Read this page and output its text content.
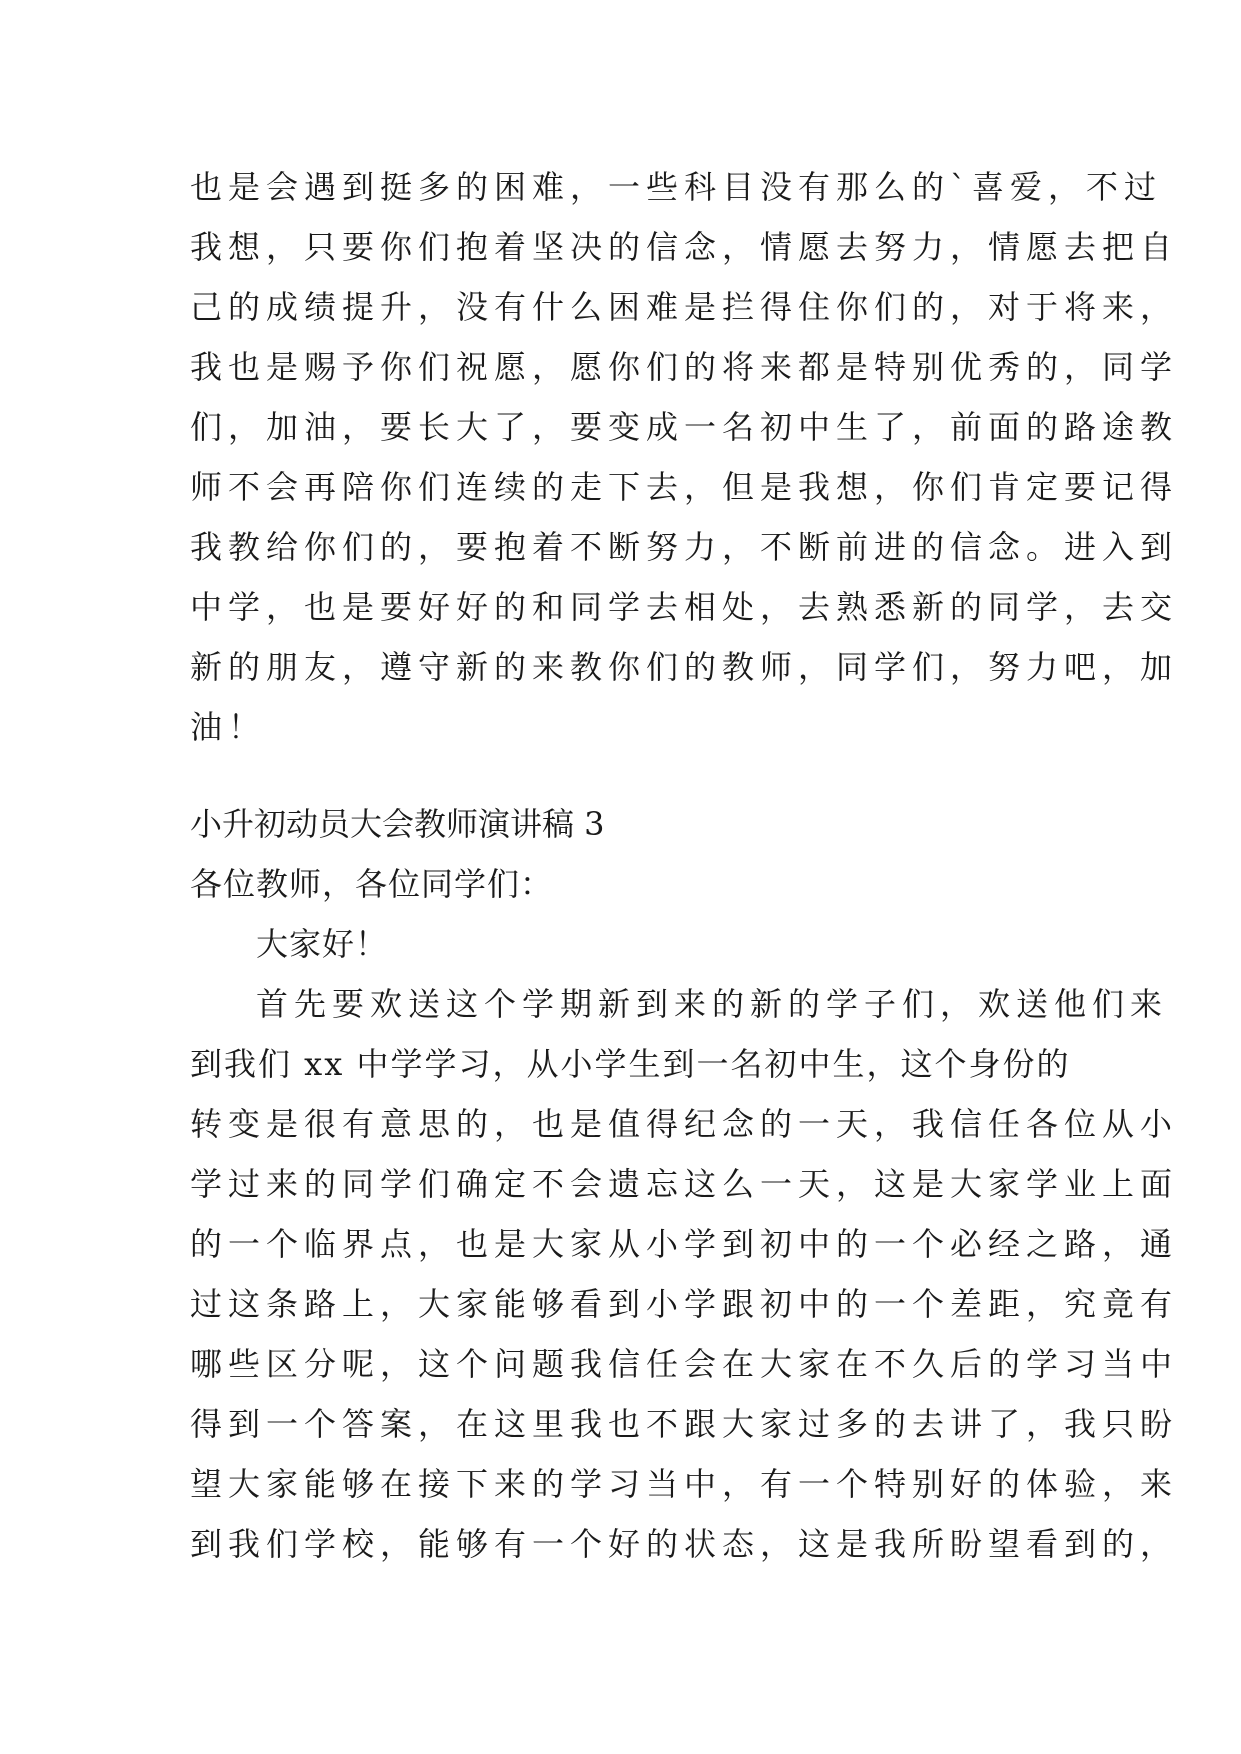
也是会遇到挺多的困难，一些科目没有那么的`喜爱，不过
我想，只要你们抱着坚决的信念，情愿去努力，情愿去把自
己的成绩提升，没有什么困难是拦得住你们的，对于将来，
我也是赐予你们祝愿，愿你们的将来都是特别优秀的，同学
们，加油，要长大了，要变成一名初中生了，前面的路途教
师不会再陪你们连续的走下去，但是我想，你们肯定要记得
我教给你们的，要抱着不断努力，不断前进的信念。进入到
中学，也是要好好的和同学去相处，去熟悉新的同学，去交
新的朋友，遵守新的来教你们的教师，同学们，努力吧，加
油！
小升初动员大会教师演讲稿 3
各位教师，各位同学们：
大家好！
首先要欢送这个学期新到来的新的学子们，欢送他们来
到我们 xx 中学学习，从小学生到一名初中生，这个身份的
转变是很有意思的，也是值得纪念的一天，我信任各位从小
学过来的同学们确定不会遗忘这么一天，这是大家学业上面
的一个临界点，也是大家从小学到初中的一个必经之路，通
过这条路上，大家能够看到小学跟初中的一个差距，究竟有
哪些区分呢，这个问题我信任会在大家在不久后的学习当中
得到一个答案，在这里我也不跟大家过多的去讲了，我只盼
望大家能够在接下来的学习当中，有一个特别好的体验，来
到我们学校，能够有一个好的状态，这是我所盼望看到的，
